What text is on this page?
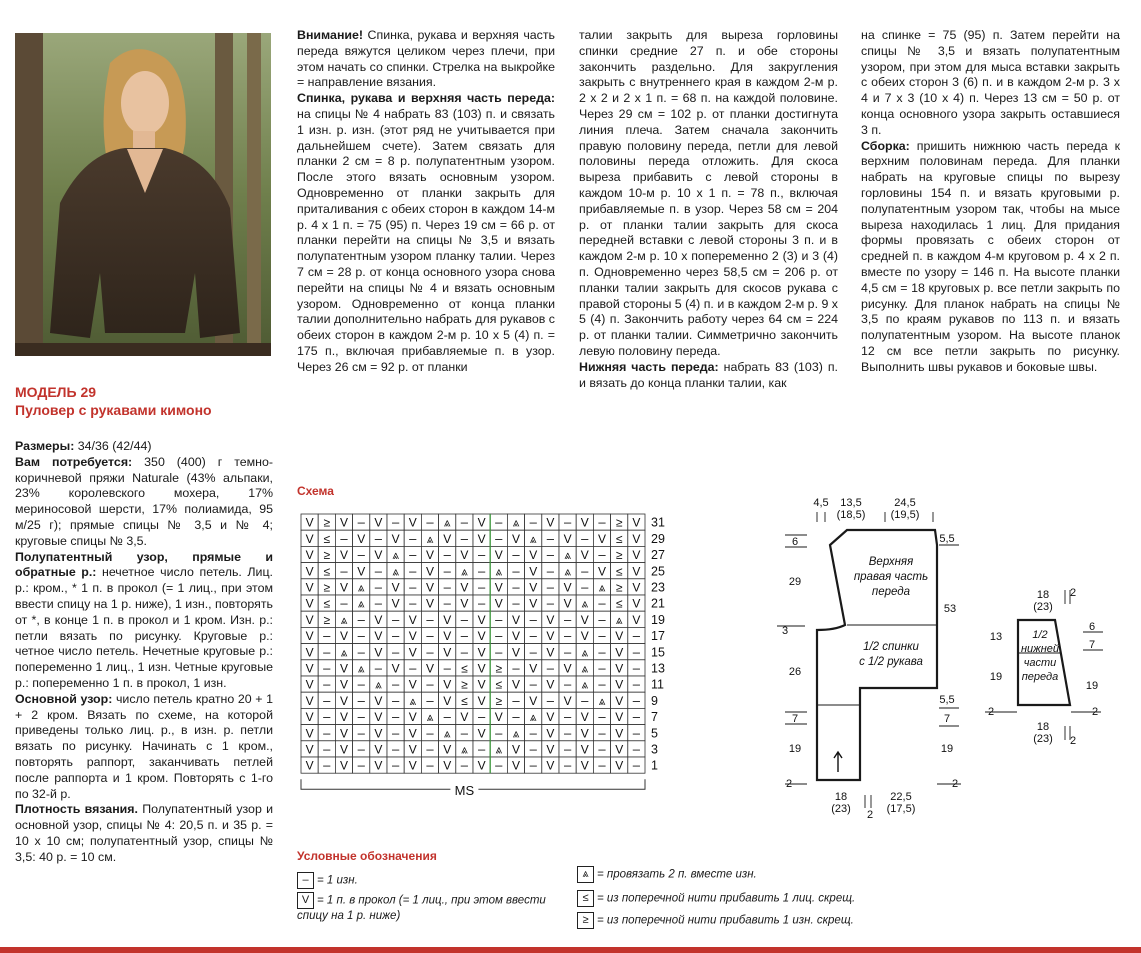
МОДЕЛЬ 29
Пуловер с рукавами кимоно

Размеры: 34/36 (42/44)

Вам потребуется: 350 (400) г темно-коричневой пряжи Naturale (43% альпаки, 23% королевского мохера, 17% мериносовой шерсти, 17% полиамида, 95 м/25 г); прямые спицы № 3,5 и № 4; круговые спицы № 3,5.

Полупатентный узор, прямые и обратные р.: нечетное число петель. Лиц. р.: кром., * 1 п. в прокол (= 1 лиц., при этом ввести спицу на 1 р. ниже), 1 изн., повторять от *, в конце 1 п. в прокол и 1 кром. Изн. р.: петли вязать по рисунку. Круговые р.: четное число петель. Нечетные круговые р.: попеременно 1 лиц., 1 изн. Четные круговые р.: попеременно 1 п. в прокол, 1 изн.

Основной узор: число петель кратно 20 + 1 + 2 кром. Вязать по схеме, на которой приведены только лиц. р., в изн. р. петли вязать по рисунку. Начинать с 1 кром., повторять раппорт, заканчивать петлей после раппорта и 1 кром. Повторять с 1-го по 32-й р.

Плотность вязания. Полупатентный узор и основной узор, спицы № 4: 20,5 п. и 35 р. = 10 х 10 см; полупатентный узор, спицы № 3,5: 40 р. = 10 см.

Внимание! Спинка, рукава и верхняя часть переда вяжутся целиком через плечи, при этом начать со спинки. Стрелка на выкройке = направление вязания.

Спинка, рукава и верхняя часть переда: на спицы № 4 набрать 83 (103) п. и связать 1 изн. р. изн. (этот ряд не учитывается при дальнейшем счете). Затем связать для планки 2 см = 8 р. полупатентным узором. После этого вязать основным узором. Одновременно от планки закрыть для приталивания с обеих сторон в каждом 14-м р. 4 х 1 п. = 75 (95) п. Через 19 см = 66 р. от планки перейти на спицы № 3,5 и вязать полупатентным узором планку талии. Через 7 см = 28 р. от конца основного узора снова перейти на спицы № 4 и вязать основным узором. Одновременно от конца планки талии дополнительно набрать для рукавов с обеих сторон в каждом 2-м р. 10 х 5 (4) п. = 175 п., включая прибавляемые п. в узор. Через 26 см = 92 р. от планки

талии закрыть для выреза горловины спинки средние 27 п. и обе стороны закончить раздельно. Для закругления закрыть с внутреннего края в каждом 2-м р. 2 х 2 и 2 х 1 п. = 68 п. на каждой половине. Через 29 см = 102 р. от планки достигнута линия плеча. Затем сначала закончить правую половину переда, петли для левой половины переда отложить. Для скоса выреза прибавить с левой стороны в каждом 10-м р. 10 х 1 п. = 78 п., включая прибавляемые п. в узор. Через 58 см = 204 р. от планки талии закрыть для скоса передней вставки с левой стороны 3 п. и в каждом 2-м р. 10 х попеременно 2 (3) и 3 (4) п. Одновременно через 58,5 см = 206 р. от планки талии закрыть для скосов рукава с правой стороны 5 (4) п. и в каждом 2-м р. 9 х 5 (4) п. Закончить работу через 64 см = 224 р. от планки талии. Симметрично закончить левую половину переда.

Нижняя часть переда: набрать 83 (103) п. и вязать до конца планки талии, как

на спинке = 75 (95) п. Затем перейти на спицы № 3,5 и вязать полупатентным узором, при этом для мыса вставки закрыть с обеих сторон 3 (6) п. и в каждом 2-м р. 3 х 4 и 7 х 3 (10 х 4) п. Через 13 см = 50 р. от конца основного узора закрыть оставшиеся 3 п.

Сборка: пришить нижнюю часть переда к верхним половинам переда. Для планки набрать на круговые спицы по вырезу горловины 154 п. и вязать круговыми р. полупатентным узором так, чтобы на мысе выреза находилась 1 лиц. Для придания формы провязать с обеих сторон от средней п. в каждом 4-м круговом р. 4 х 2 п. вместе по узору = 146 п. На высоте планки 4,5 см = 18 круговых р. все петли закрыть по рисунку. Для планок набрать на спицы № 3,5 по краям рукавов по 113 п. и вязать полупатентным узором. На высоте планок 12 см все петли закрыть по рисунку. Выполнить швы рукавов и боковые швы.

Схема
V ≥ V – V – V – ⩓ – V – ⩓ – V – V – ≥ V 31
V ≤ – V – V – ⩓ V – V – V ⩓ – V – V ≤ V 29
V ≥ V – V ⩓ – V – V – V – V – ⩓ V – ≥ V 27
V ≤ – V – ⩓ – V – ⩓ – ⩓ – V – ⩓ – V ≤ V 25
V ≥ V ⩓ – V – V – V – V – V – V – ⩓ ≥ V 23
V ≤ – ⩓ – V – V – V – V – V – V ⩓ – ≤ V 21
V ≥ ⩓ – V – V – V – V – V – V – V – ⩓ V 19
V – V – V – V – V – V – V – V – V – V – 17
V – ⩓ – V – V – V – V – V – V – ⩓ – V – 15
V – V ⩓ – V – V – ≤ V ≥ – V – V ⩓ – V – 13
V – V – ⩓ – V – V ≥ V ≤ V – V – ⩓ – V – 11
V – V – V – ⩓ – V ≤ V ≥ – V – V – ⩓ V – 9
V – V – V – V ⩓ – V – V – ⩓ V – V – V – 7
V – V – V – V – ⩓ – V – ⩓ – V – V – V – 5
V – V – V – V – V ⩓ – ⩓ V – V – V – V – 3
V – V – V – V – V – V – V – V – V – V – 1
MS
4,5 13,5
(18,5)
24,5
(19,5)
6
29
3
26
7
19
2
5,5
53
5,5
7
19
2
18
(23) 2
22,5
(17,5)
Верхняя
правая часть
переда
1/2 спинки
с 1/2 рукава
18
(23)
2
13
19
2
6
7
19
2
18
(23) 2
1/2
нижней
части
переда
Условные обозначения
– = 1 изн.
V = 1 п. в прокол (= 1 лиц., при этом ввести спицу на 1 р. ниже)
⩓ = провязать 2 п. вместе изн.
≤ = из поперечной нити прибавить 1 лиц. скрещ.
≥ = из поперечной нити прибавить 1 изн. скрещ.
